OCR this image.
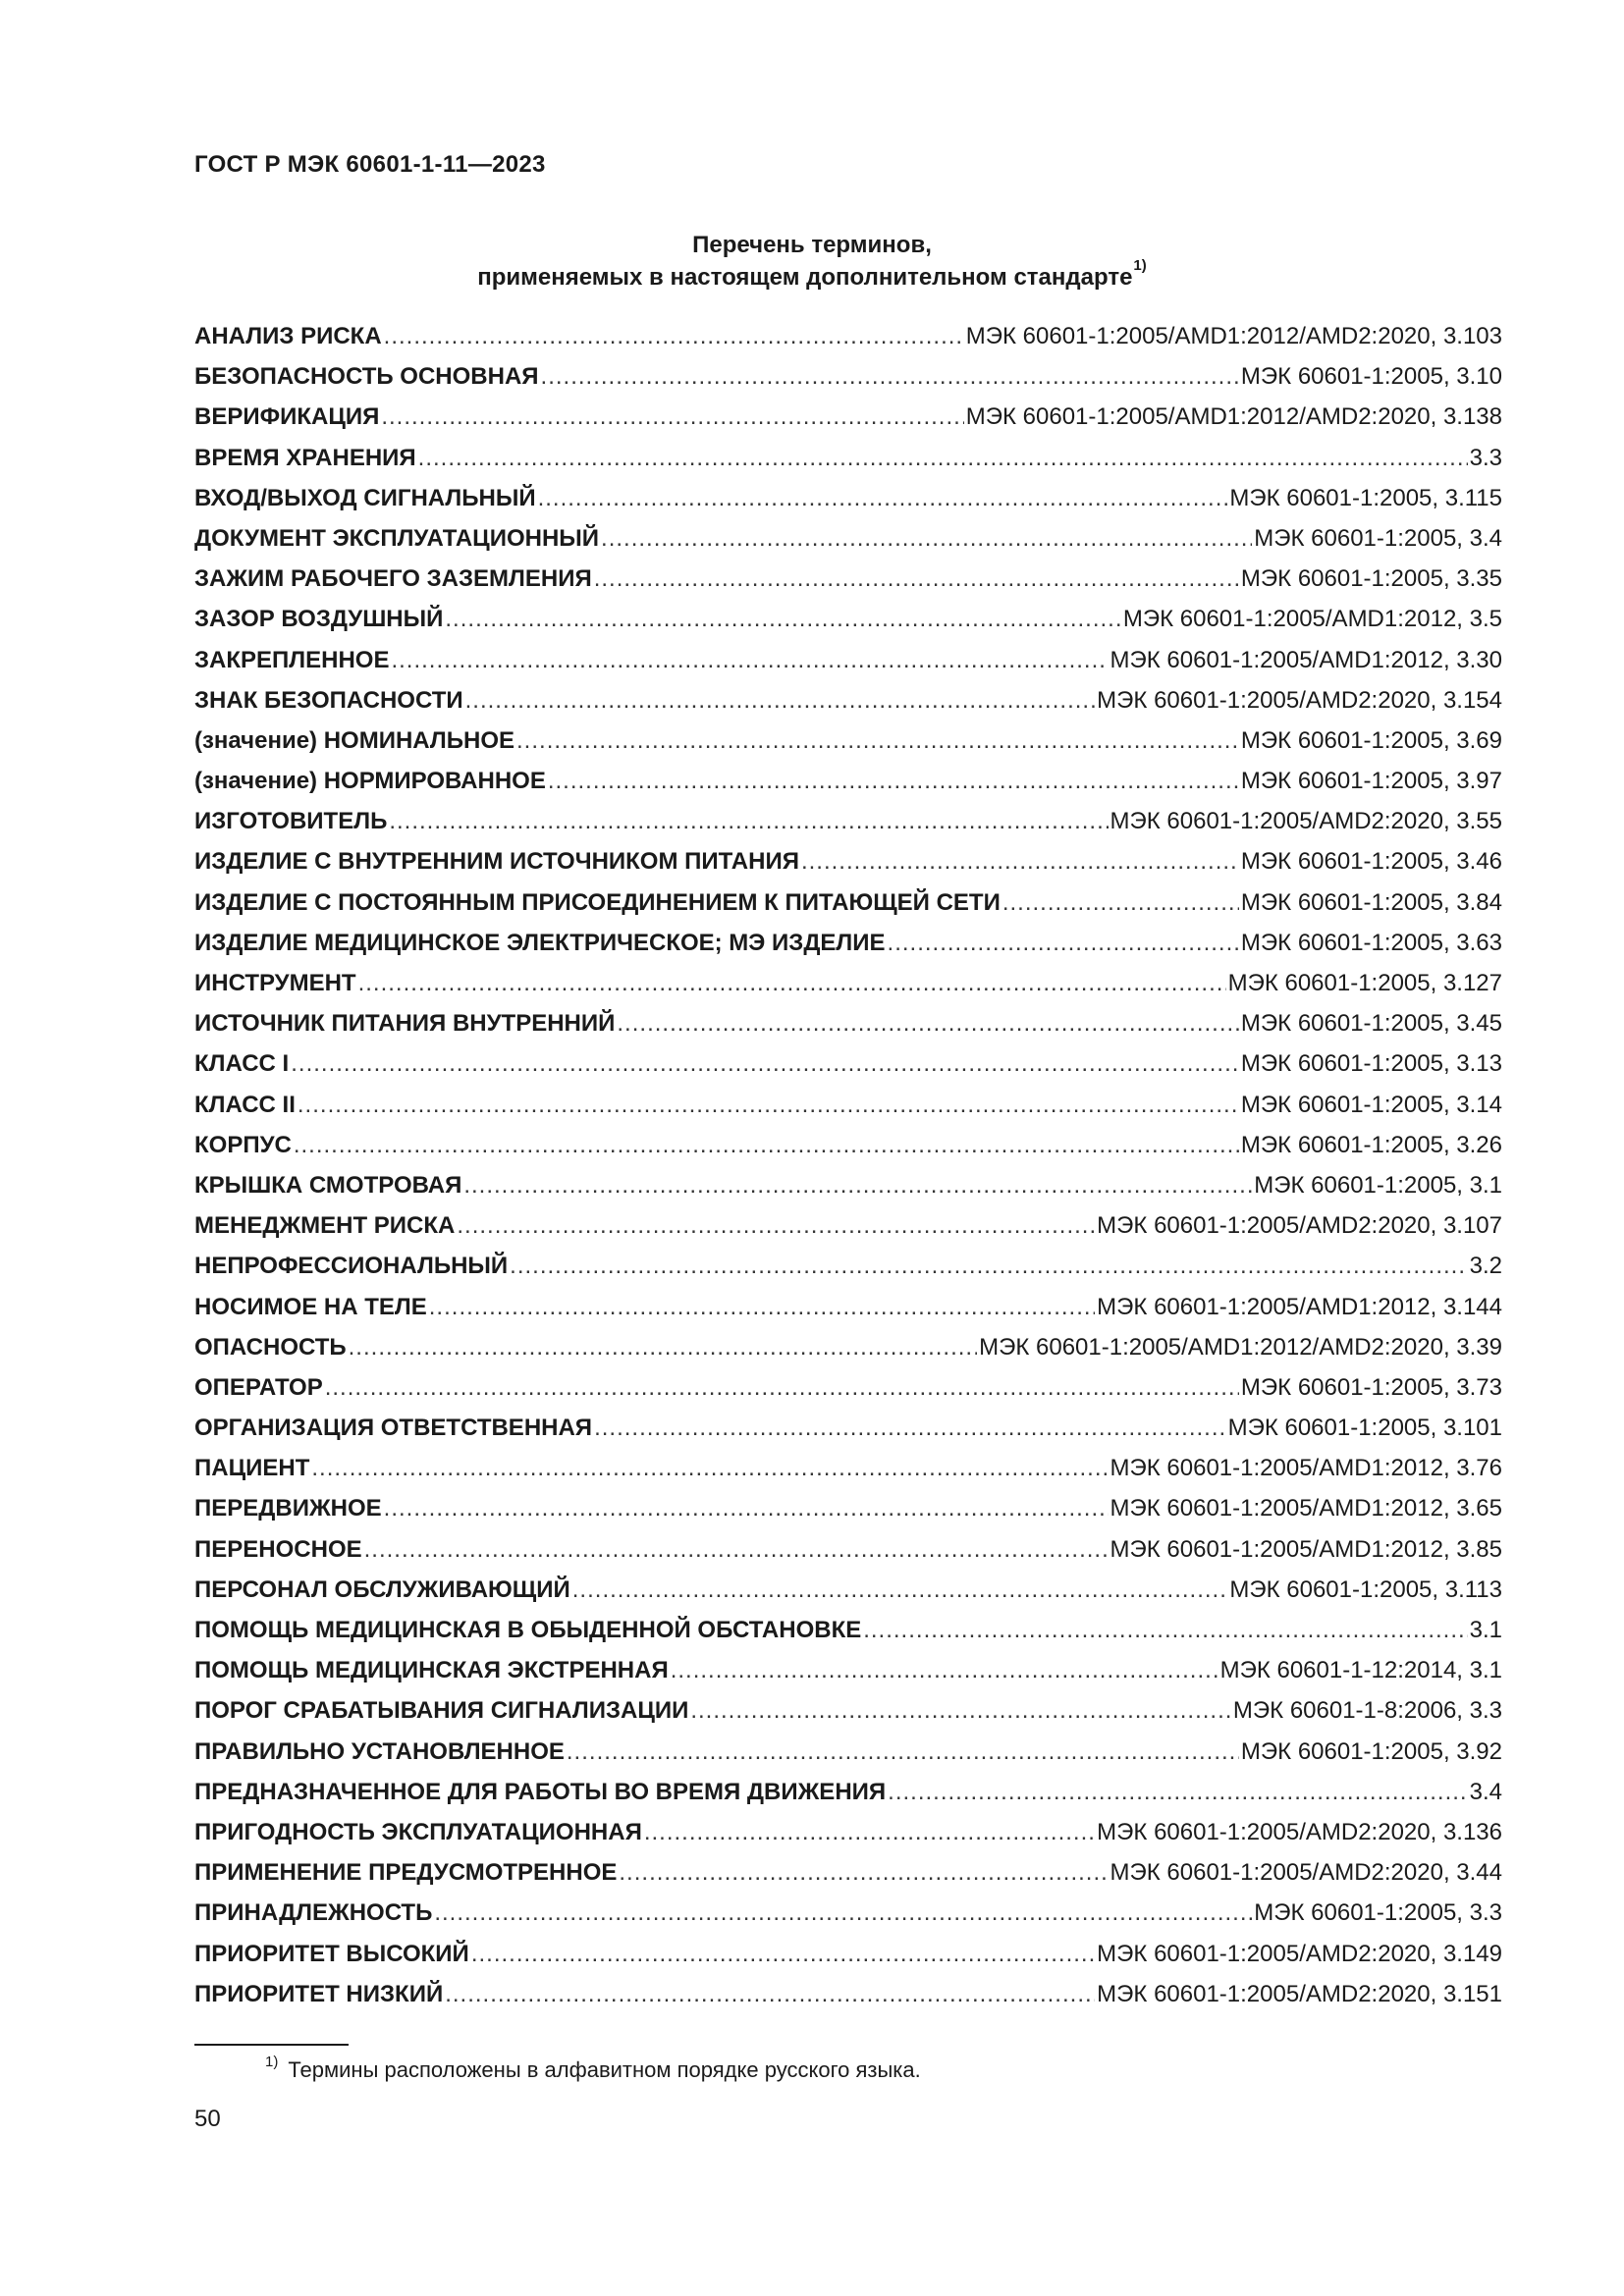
ГОСТ Р МЭК 60601-1-11—2023
Перечень терминов,
применяемых в настоящем дополнительном стандарте$^{1)}$
АНАЛИЗ РИСКА .....	МЭК 60601-1:2005/AMD1:2012/AMD2:2020, 3.103
БЕЗОПАСНОСТЬ ОСНОВНАЯ .....	МЭК 60601-1:2005, 3.10
ВЕРИФИКАЦИЯ .....	МЭК 60601-1:2005/AMD1:2012/AMD2:2020, 3.138
ВРЕМЯ ХРАНЕНИЯ .....	3.3
ВХОД/ВЫХОД СИГНАЛЬНЫЙ .....	МЭК 60601-1:2005, 3.115
ДОКУМЕНТ ЭКСПЛУАТАЦИОННЫЙ .....	МЭК 60601-1:2005, 3.4
ЗАЖИМ РАБОЧЕГО ЗАЗЕМЛЕНИЯ .....	МЭК 60601-1:2005, 3.35
ЗАЗОР ВОЗДУШНЫЙ .....	МЭК 60601-1:2005/AMD1:2012, 3.5
ЗАКРЕПЛЕННОЕ .....	МЭК 60601-1:2005/AMD1:2012, 3.30
ЗНАК БЕЗОПАСНОСТИ .....	МЭК 60601-1:2005/AMD2:2020, 3.154
(значение) НОМИНАЛЬНОЕ .....	МЭК 60601-1:2005, 3.69
(значение) НОРМИРОВАННОЕ .....	МЭК 60601-1:2005, 3.97
ИЗГОТОВИТЕЛЬ .....	МЭК 60601-1:2005/AMD2:2020, 3.55
ИЗДЕЛИЕ С ВНУТРЕННИМ ИСТОЧНИКОМ ПИТАНИЯ .....	МЭК 60601-1:2005, 3.46
ИЗДЕЛИЕ С ПОСТОЯННЫМ ПРИСОЕДИНЕНИЕМ К ПИТАЮЩЕЙ СЕТИ .....	МЭК 60601-1:2005, 3.84
ИЗДЕЛИЕ МЕДИЦИНСКОЕ ЭЛЕКТРИЧЕСКОЕ; МЭ ИЗДЕЛИЕ .....	МЭК 60601-1:2005, 3.63
ИНСТРУМЕНТ .....	МЭК 60601-1:2005, 3.127
ИСТОЧНИК ПИТАНИЯ ВНУТРЕННИЙ .....	МЭК 60601-1:2005, 3.45
КЛАСС I .....	МЭК 60601-1:2005, 3.13
КЛАСС II .....	МЭК 60601-1:2005, 3.14
КОРПУС .....	МЭК 60601-1:2005, 3.26
КРЫШКА СМОТРОВАЯ .....	МЭК 60601-1:2005, 3.1
МЕНЕДЖМЕНТ РИСКА .....	МЭК 60601-1:2005/AMD2:2020, 3.107
НЕПРОФЕССИОНАЛЬНЫЙ .....	3.2
НОСИМОЕ НА ТЕЛЕ .....	МЭК 60601-1:2005/AMD1:2012, 3.144
ОПАСНОСТЬ .....	МЭК 60601-1:2005/AMD1:2012/AMD2:2020, 3.39
ОПЕРАТОР .....	МЭК 60601-1:2005, 3.73
ОРГАНИЗАЦИЯ ОТВЕТСТВЕННАЯ .....	МЭК 60601-1:2005, 3.101
ПАЦИЕНТ .....	МЭК 60601-1:2005/AMD1:2012, 3.76
ПЕРЕДВИЖНОЕ .....	МЭК 60601-1:2005/AMD1:2012, 3.65
ПЕРЕНОСНОЕ .....	МЭК 60601-1:2005/AMD1:2012, 3.85
ПЕРСОНАЛ ОБСЛУЖИВАЮЩИЙ .....	МЭК 60601-1:2005, 3.113
ПОМОЩЬ МЕДИЦИНСКАЯ В ОБЫДЕННОЙ ОБСТАНОВКЕ .....	3.1
ПОМОЩЬ МЕДИЦИНСКАЯ ЭКСТРЕННАЯ .....	МЭК 60601-1-12:2014, 3.1
ПОРОГ СРАБАТЫВАНИЯ СИГНАЛИЗАЦИИ .....	МЭК 60601-1-8:2006, 3.3
ПРАВИЛЬНО УСТАНОВЛЕННОЕ .....	МЭК 60601-1:2005, 3.92
ПРЕДНАЗНАЧЕННОЕ ДЛЯ РАБОТЫ ВО ВРЕМЯ ДВИЖЕНИЯ .....	3.4
ПРИГОДНОСТЬ ЭКСПЛУАТАЦИОННАЯ .....	МЭК 60601-1:2005/AMD2:2020, 3.136
ПРИМЕНЕНИЕ ПРЕДУСМОТРЕННОЕ .....	МЭК 60601-1:2005/AMD2:2020, 3.44
ПРИНАДЛЕЖНОСТЬ .....	МЭК 60601-1:2005, 3.3
ПРИОРИТЕТ ВЫСОКИЙ .....	МЭК 60601-1:2005/AMD2:2020, 3.149
ПРИОРИТЕТ НИЗКИЙ .....	МЭК 60601-1:2005/AMD2:2020, 3.151
$^{1)}$ Термины расположены в алфавитном порядке русского языка.
50
